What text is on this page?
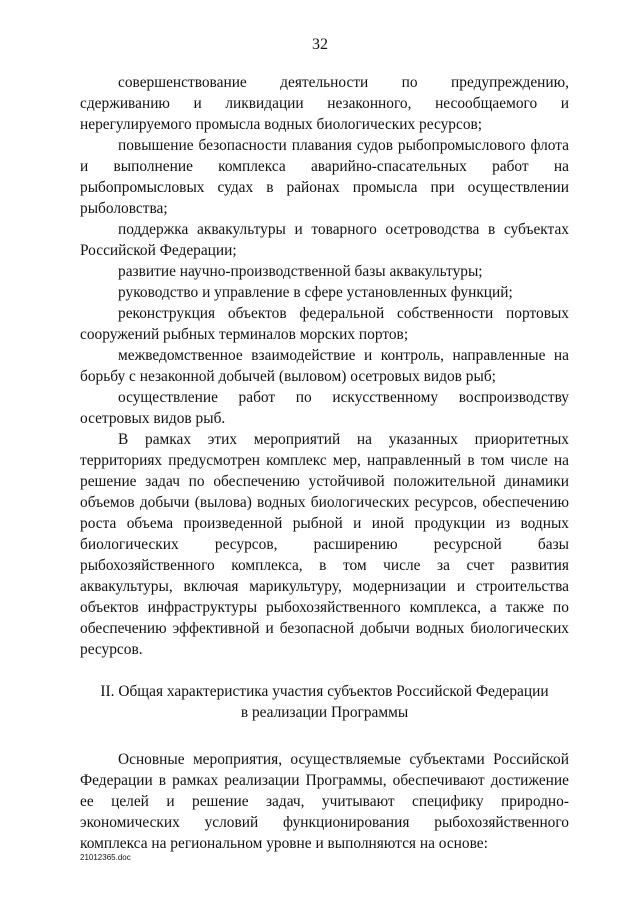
32

совершенствование деятельности по предупреждению, сдерживанию и ликвидации незаконного, несообщаемого и нерегулируемого промысла водных биологических ресурсов;

повышение безопасности плавания судов рыбопромыслового флота и выполнение комплекса аварийно-спасательных работ на рыбопромысловых судах в районах промысла при осуществлении рыболовства;

поддержка аквакультуры и товарного осетроводства в субъектах Российской Федерации;

развитие научно-производственной базы аквакультуры;

руководство и управление в сфере установленных функций;

реконструкция объектов федеральной собственности портовых сооружений рыбных терминалов морских портов;

межведомственное взаимодействие и контроль, направленные на борьбу с незаконной добычей (выловом) осетровых видов рыб;

осуществление работ по искусственному воспроизводству осетровых видов рыб.

В рамках этих мероприятий на указанных приоритетных территориях предусмотрен комплекс мер, направленный в том числе на решение задач по обеспечению устойчивой положительной динамики объемов добычи (вылова) водных биологических ресурсов, обеспечению роста объема произведенной рыбной и иной продукции из водных биологических ресурсов, расширению ресурсной базы рыбохозяйственного комплекса, в том числе за счет развития аквакультуры, включая марикультуру, модернизации и строительства объектов инфраструктуры рыбохозяйственного комплекса, а также по обеспечению эффективной и безопасной добычи водных биологических ресурсов.

II. Общая характеристика участия субъектов Российской Федерации
в реализации Программы

Основные мероприятия, осуществляемые субъектами Российской Федерации в рамках реализации Программы, обеспечивают достижение ее целей и решение задач, учитывают специфику природно-экономических условий функционирования рыбохозяйственного комплекса на региональном уровне и выполняются на основе:

21012365.doc
